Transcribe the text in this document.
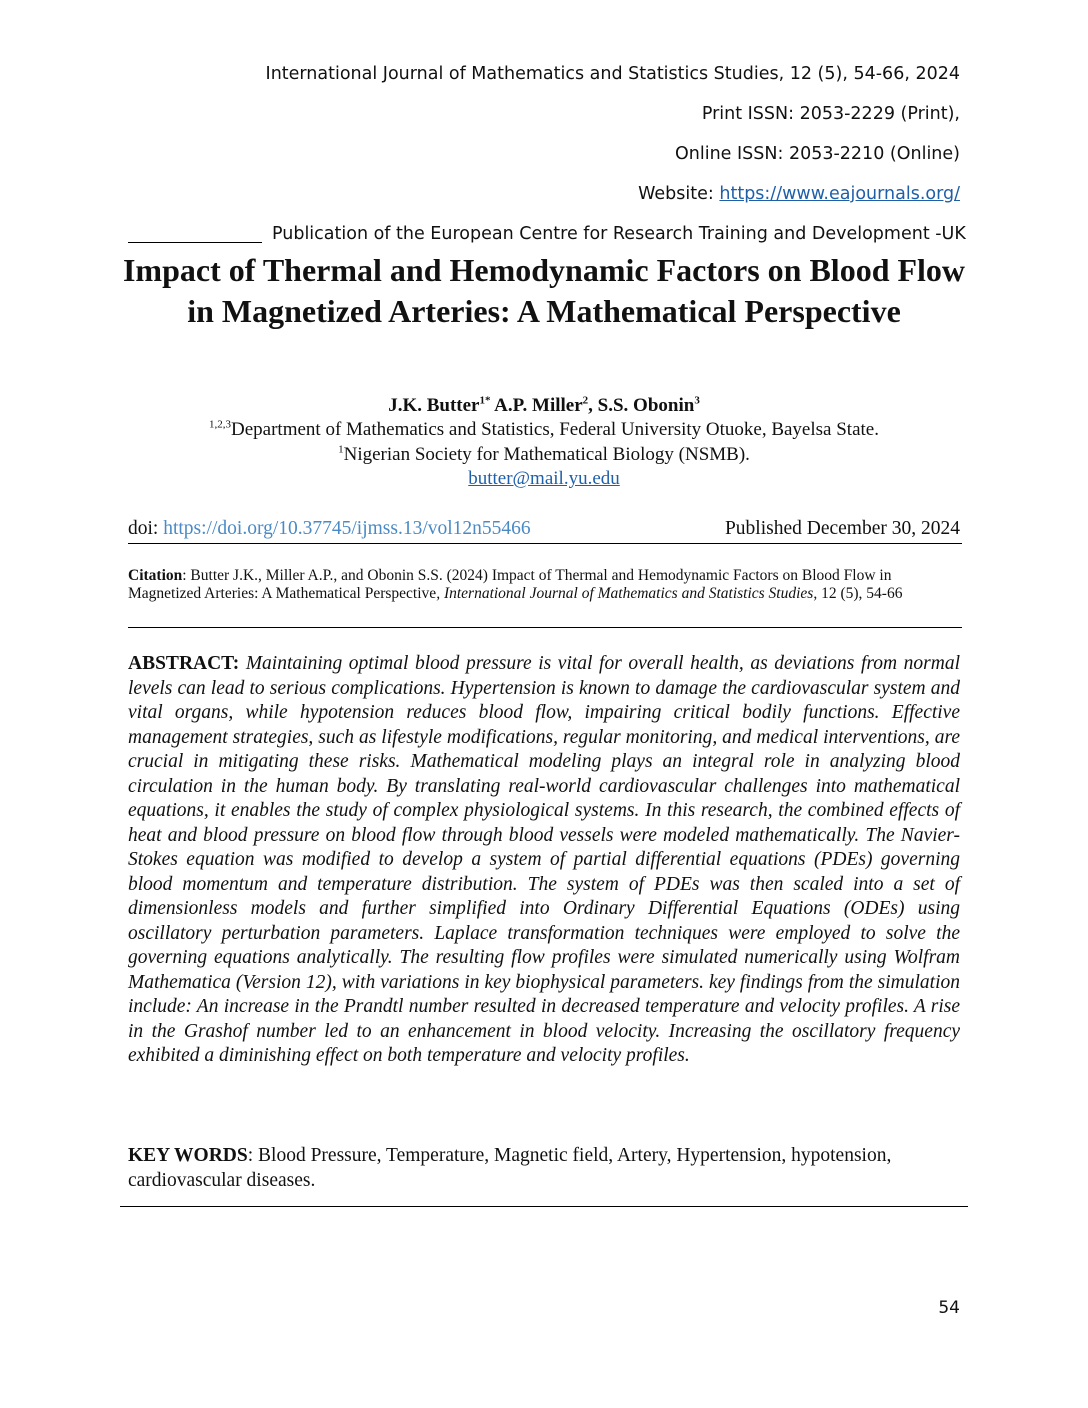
International Journal of Mathematics and Statistics Studies, 12 (5), 54-66, 2024
Print ISSN: 2053-2229 (Print),
Online ISSN: 2053-2210 (Online)
Website: https://www.eajournals.org/
Publication of the European Centre for Research Training and Development -UK
Impact of Thermal and Hemodynamic Factors on Blood Flow in Magnetized Arteries: A Mathematical Perspective
J.K. Butter$^{1*}$ A.P. Miller$^2$, S.S. Obonin$^3$
$^{1,2,3}$Department of Mathematics and Statistics, Federal University Otuoke, Bayelsa State.
$^1$Nigerian Society for Mathematical Biology (NSMB).
butter@mail.yu.edu
doi: https://doi.org/10.37745/ijmss.13/vol12n55466	Published December 30, 2024
Citation: Butter J.K., Miller A.P., and Obonin S.S. (2024) Impact of Thermal and Hemodynamic Factors on Blood Flow in Magnetized Arteries: A Mathematical Perspective, International Journal of Mathematics and Statistics Studies, 12 (5), 54-66
ABSTRACT: Maintaining optimal blood pressure is vital for overall health, as deviations from normal levels can lead to serious complications. Hypertension is known to damage the cardiovascular system and vital organs, while hypotension reduces blood flow, impairing critical bodily functions. Effective management strategies, such as lifestyle modifications, regular monitoring, and medical interventions, are crucial in mitigating these risks. Mathematical modeling plays an integral role in analyzing blood circulation in the human body. By translating real-world cardiovascular challenges into mathematical equations, it enables the study of complex physiological systems. In this research, the combined effects of heat and blood pressure on blood flow through blood vessels were modeled mathematically. The Navier-Stokes equation was modified to develop a system of partial differential equations (PDEs) governing blood momentum and temperature distribution. The system of PDEs was then scaled into a set of dimensionless models and further simplified into Ordinary Differential Equations (ODEs) using oscillatory perturbation parameters. Laplace transformation techniques were employed to solve the governing equations analytically. The resulting flow profiles were simulated numerically using Wolfram Mathematica (Version 12), with variations in key biophysical parameters. key findings from the simulation include: An increase in the Prandtl number resulted in decreased temperature and velocity profiles. A rise in the Grashof number led to an enhancement in blood velocity. Increasing the oscillatory frequency exhibited a diminishing effect on both temperature and velocity profiles.
KEY WORDS: Blood Pressure, Temperature, Magnetic field, Artery, Hypertension, hypotension, cardiovascular diseases.
54
